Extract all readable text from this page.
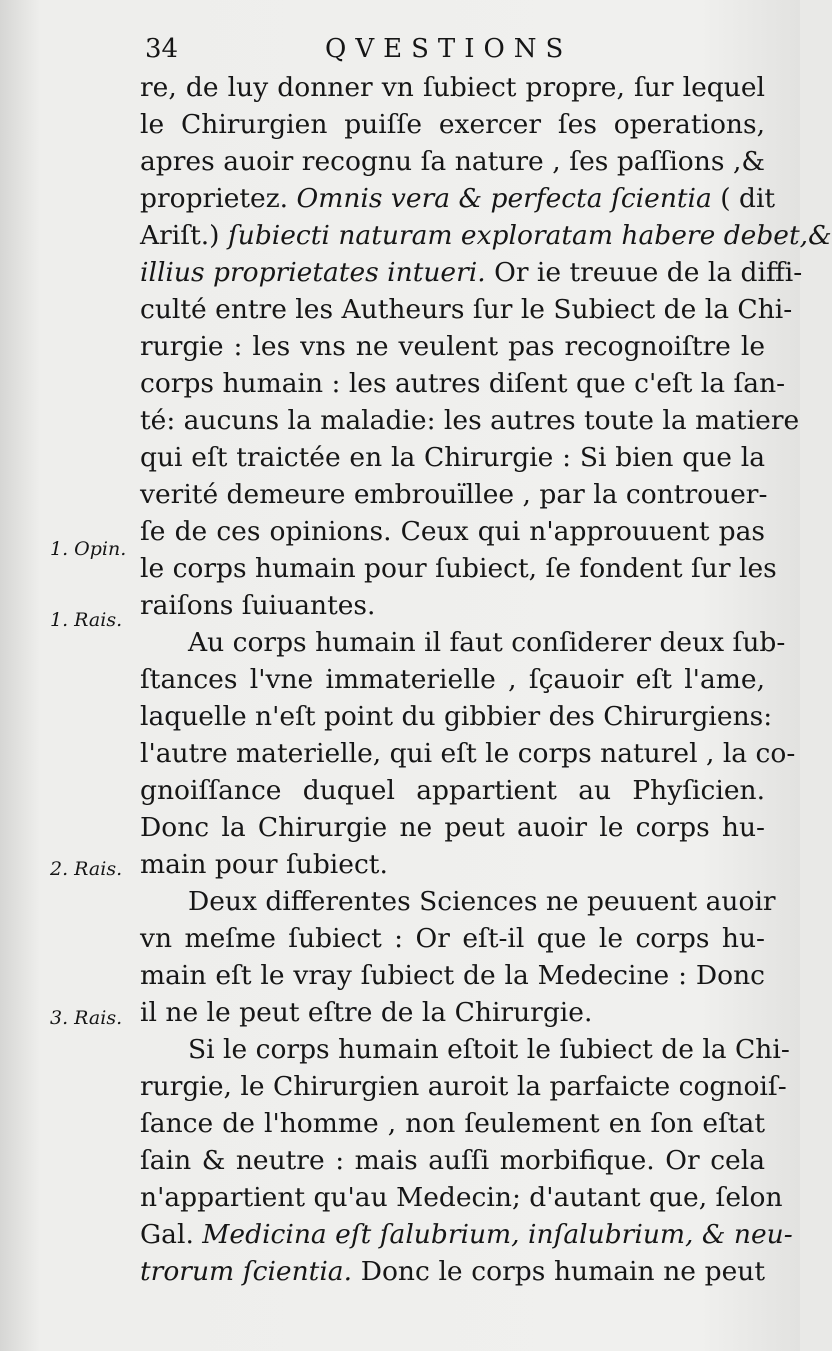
34	QVESTIONS
1. Opin.
1. Rais.
2. Rais.
3. Rais.
re, de luy donner vn ſubiect propre, ſur lequel
le Chirurgien puiſſe exercer ſes operations,
apres auoir recognu ſa nature , ſes paſſions ,&
proprietez. Omnis vera & perfecta ſcientia ( dit
Ariſt.) ſubiecti naturam exploratam habere debet,&
illius proprietates intueri. Or ie treuue de la diffi-
culté entre les Autheurs ſur le Subiect de la Chi-
rurgie : les vns ne veulent pas recognoiſtre le
corps humain : les autres diſent que c'eſt la ſan-
té: aucuns la maladie: les autres toute la matiere
qui eſt traictée en la Chirurgie : Si bien que la
verité demeure embrouïllee , par la controuer-
ſe de ces opinions. Ceux qui n'approuuent pas
le corps humain pour ſubiect, ſe fondent ſur les
raiſons ſuiuantes.
Au corps humain il faut conſiderer deux ſub-
ſtances l'vne immaterielle , ſçauoir eſt l'ame,
laquelle n'eſt point du gibbier des Chirurgiens:
l'autre materielle, qui eſt le corps naturel , la co-
gnoiſſance duquel appartient au Phyſicien.
Donc la Chirurgie ne peut auoir le corps hu-
main pour ſubiect.
Deux differentes Sciences ne peuuent auoir
vn meſme ſubiect : Or eſt-il que le corps hu-
main eſt le vray ſubiect de la Medecine : Donc
il ne le peut eſtre de la Chirurgie.
Si le corps humain eſtoit le ſubiect de la Chi-
rurgie, le Chirurgien auroit la parfaicte cognoiſ-
ſance de l'homme , non ſeulement en ſon eſtat
ſain & neutre : mais auſſi morbifique. Or cela
n'appartient qu'au Medecin; d'autant que, ſelon
Gal. Medicina eſt ſalubrium, inſalubrium, & neu-
trorum ſcientia. Donc le corps humain ne peut
